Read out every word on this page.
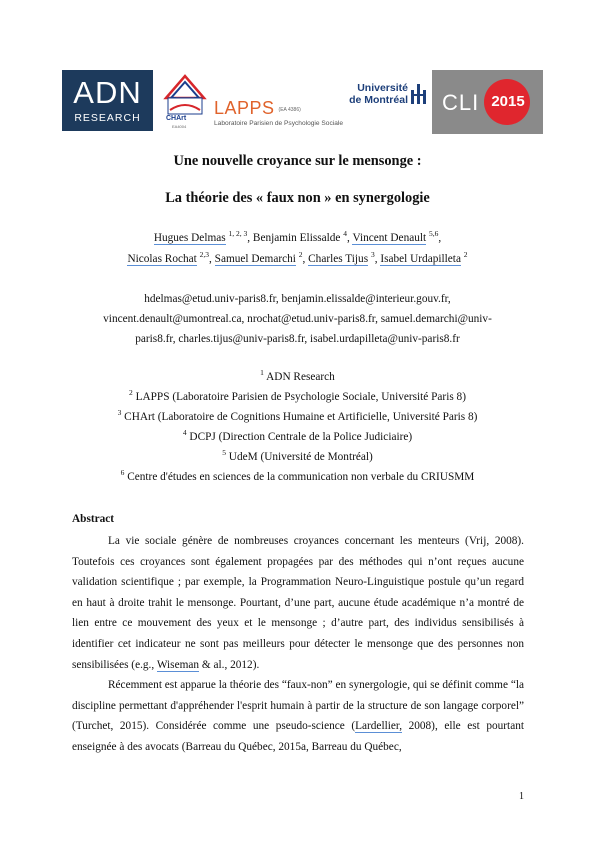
ADN
RESEARCH	CHArt
EA4004
LAPPS (EA 4386)
Laboratoire Parisien de Psychologie Sociale
Université
de Montréal CLI 2015
Une nouvelle croyance sur le mensonge :
La théorie des « faux non » en synergologie
Hugues Delmas $^{1, 2, 3}$, Benjamin Elissalde $^4$, Vincent Denault $^{5,6}$,
Nicolas Rochat $^{2,3}$, Samuel Demarchi $^2$, Charles Tijus $^3$, Isabel Urdapilleta $^2$
hdelmas@etud.univ-paris8.fr, benjamin.elissalde@interieur.gouv.fr,
vincent.denault@umontreal.ca, nrochat@etud.univ-paris8.fr, samuel.demarchi@univ-
paris8.fr, charles.tijus@univ-paris8.fr, isabel.urdapilleta@univ-paris8.fr
$^1$ ADN Research
$^2$ LAPPS (Laboratoire Parisien de Psychologie Sociale, Université Paris 8)
$^3$ CHArt (Laboratoire de Cognitions Humaine et Artificielle, Université Paris 8)
$^4$ DCPJ (Direction Centrale de la Police Judiciaire)
$^5$ UdeM (Université de Montréal)
$^6$ Centre d'études en sciences de la communication non verbale du CRIUSMM
Abstract

La vie sociale génère de nombreuses croyances concernant les menteurs (Vrij, 2008). Toutefois ces croyances sont également propagées par des méthodes qui n’ont reçues aucune validation scientifique ; par exemple, la Programmation Neuro-Linguistique postule qu’un regard en haut à droite trahit le mensonge. Pourtant, d’une part, aucune étude académique n’a montré de lien entre ce mouvement des yeux et le mensonge ; d’autre part, des individus sensibilisés à identifier cet indicateur ne sont pas meilleurs pour détecter le mensonge que des personnes non sensibilisées (e.g., Wiseman & al., 2012).

Récemment est apparue la théorie des “faux-non” en synergologie, qui se définit comme “la discipline permettant d'appréhender l'esprit humain à partir de la structure de son langage corporel” (Turchet, 2015). Considérée comme une pseudo-science (Lardellier, 2008), elle est pourtant enseignée à des avocats (Barreau du Québec, 2015a, Barreau du Québec,

1
